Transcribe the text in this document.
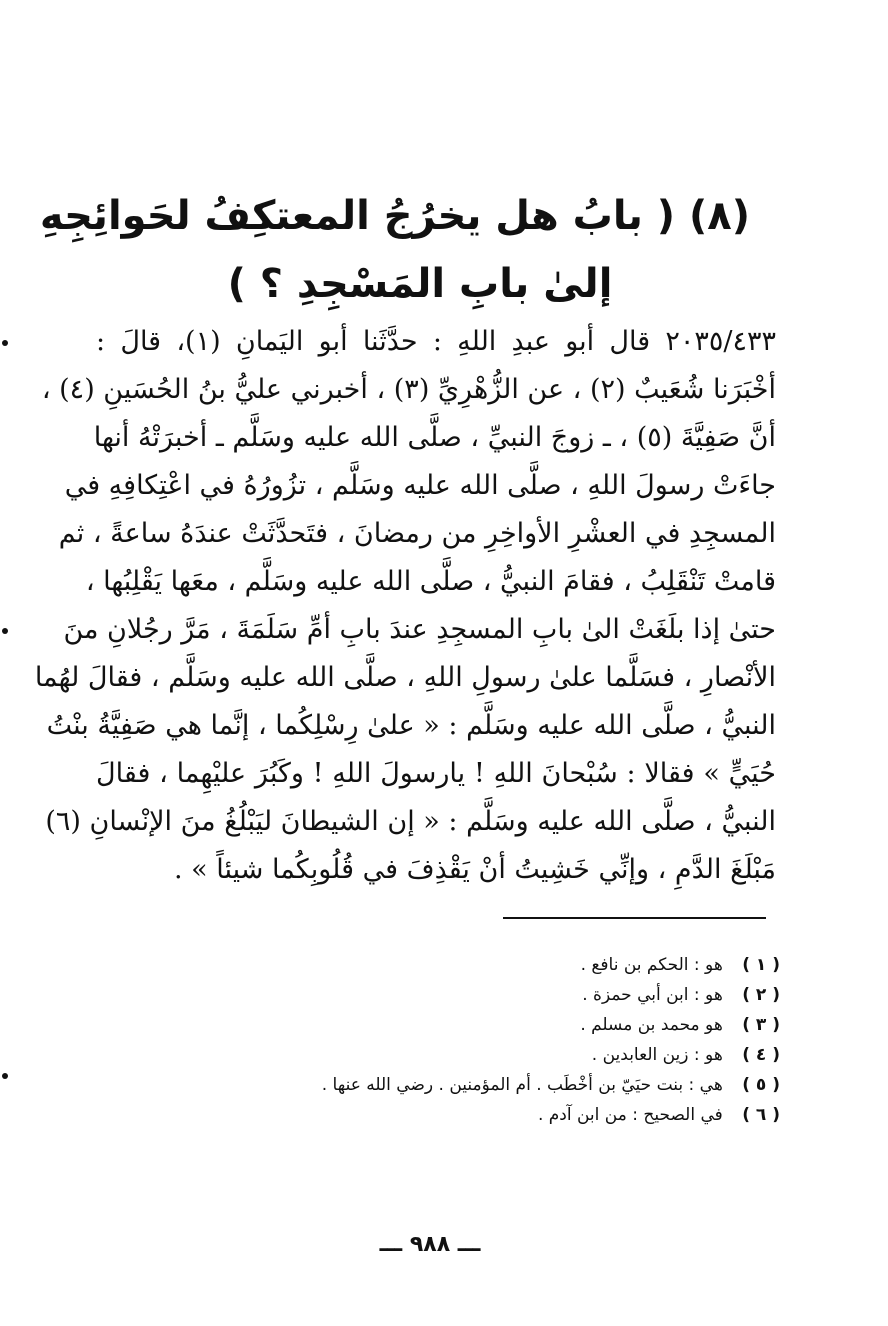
(٨) ( بابُ هل يخرُجُ المعتكِفُ لحَوائِجِهِ
إلىٰ بابِ المَسْجِدِ ؟ )
٢٠٣٥/٤٣٣ قال أبو عبدِ اللهِ : حدَّثَنا أبو اليَمانِ (١)، قالَ :
أخْبَرَنا شُعَيبٌ (٢) ، عن الزُّهْرِيِّ (٣) ، أخبرني عليُّ بنُ الحُسَينِ (٤) ،
أنَّ صَفِيَّةَ (٥) ، ـ زوجَ النبيِّ ، صلَّى الله عليه وسَلَّم ـ أخبرَتْهُ أنها
جاءَتْ رسولَ اللهِ ، صلَّى الله عليه وسَلَّم ، تزُورُهُ في اعْتِكافِهِ في
المسجِدِ في العشْرِ الأواخِرِ من رمضانَ ، فتَحدَّثَتْ عندَهُ ساعةً ، ثم
قامتْ تَنْقَلِبُ ، فقامَ النبيُّ ، صلَّى الله عليه وسَلَّم ، معَها يَقْلِبُها ،
حتىٰ إذا بلَغَتْ الىٰ بابِ المسجِدِ عندَ بابِ أمِّ سَلَمَةَ ، مَرَّ رجُلانِ منَ
الأنْصارِ ، فسَلَّما علىٰ رسولِ اللهِ ، صلَّى الله عليه وسَلَّم ، فقالَ لهُما
النبيُّ ، صلَّى الله عليه وسَلَّم : « علىٰ رِسْلِكُما ، إنَّما هي صَفِيَّةُ بنْتُ
حُيَيٍّ » فقالا : سُبْحانَ اللهِ ! يارسولَ اللهِ ! وكَبُرَ عليْهِما ، فقالَ
النبيُّ ، صلَّى الله عليه وسَلَّم : « إن الشيطانَ ليَبْلُغُ منَ الإنْسانِ (٦)
مَبْلَغَ الدَّمِ ، وإنِّي خَشِيتُ أنْ يَقْذِفَ في قُلُوبِكُما شيئاً » .
( ١ ) هو : الحكم بن نافع .
( ٢ ) هو : ابن أبي حمزة .
( ٣ ) هو محمد بن مسلم .
( ٤ ) هو : زين العابدين .
( ٥ ) هي : بنت حيَيّ بن أخْطَب . أم المؤمنين . رضي الله عنها .
( ٦ ) في الصحيح : من ابن آدم .
ـــ ٩٨٨ ـــ
